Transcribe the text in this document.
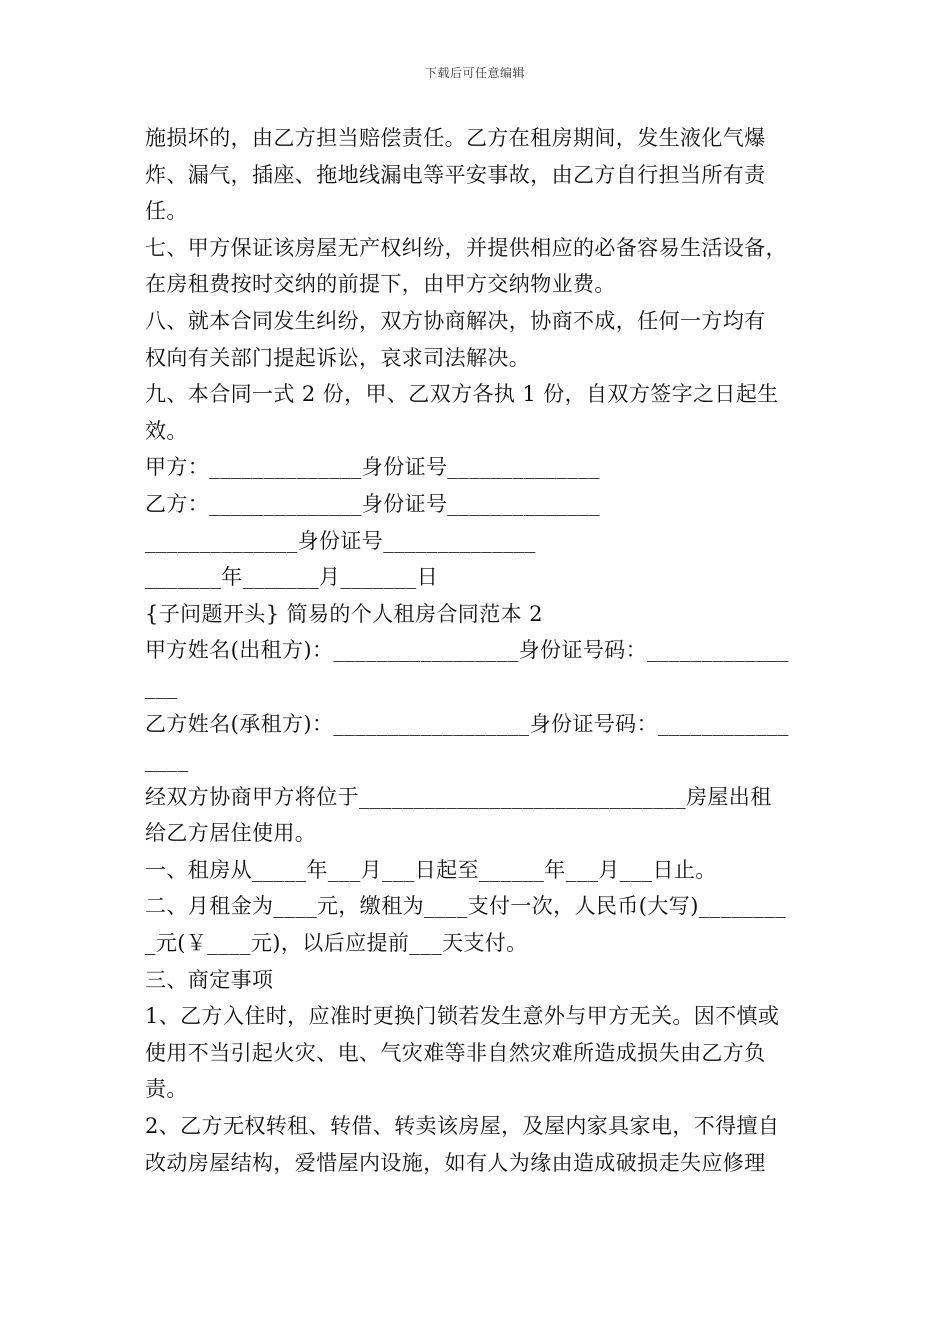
下载后可任意编辑
施损坏的，由乙方担当赔偿责任。乙方在租房期间，发生液化气爆
炸、漏气，插座、拖地线漏电等平安事故，由乙方自行担当所有责
任。
七、甲方保证该房屋无产权纠纷，并提供相应的必备容易生活设备，
在房租费按时交纳的前提下，由甲方交纳物业费。
八、就本合同发生纠纷，双方协商解决，协商不成，任何一方均有
权向有关部门提起诉讼，哀求司法解决。
九、本合同一式 2 份，甲、乙双方各执 1 份，自双方签字之日起生
效。
甲方：______________身份证号______________
乙方：______________身份证号______________
______________身份证号______________
_______年_______月_______日
{子问题开头} 简易的个人租房合同范本 2
甲方姓名(出租方)：_________________身份证号码：_____________
___
乙方姓名(承租方)：__________________身份证号码：____________
____
经双方协商甲方将位于______________________________房屋出租
给乙方居住使用。
一、租房从_____年___月___日起至______年___月___日止。
二、月租金为____元，缴租为____支付一次，人民币(大写)________
_元(￥____元)，以后应提前___天支付。
三、商定事项
1、乙方入住时，应准时更换门锁若发生意外与甲方无关。因不慎或
使用不当引起火灾、电、气灾难等非自然灾难所造成损失由乙方负
责。
2、乙方无权转租、转借、转卖该房屋，及屋内家具家电，不得擅自
改动房屋结构，爱惜屋内设施，如有人为缘由造成破损走失应修理
